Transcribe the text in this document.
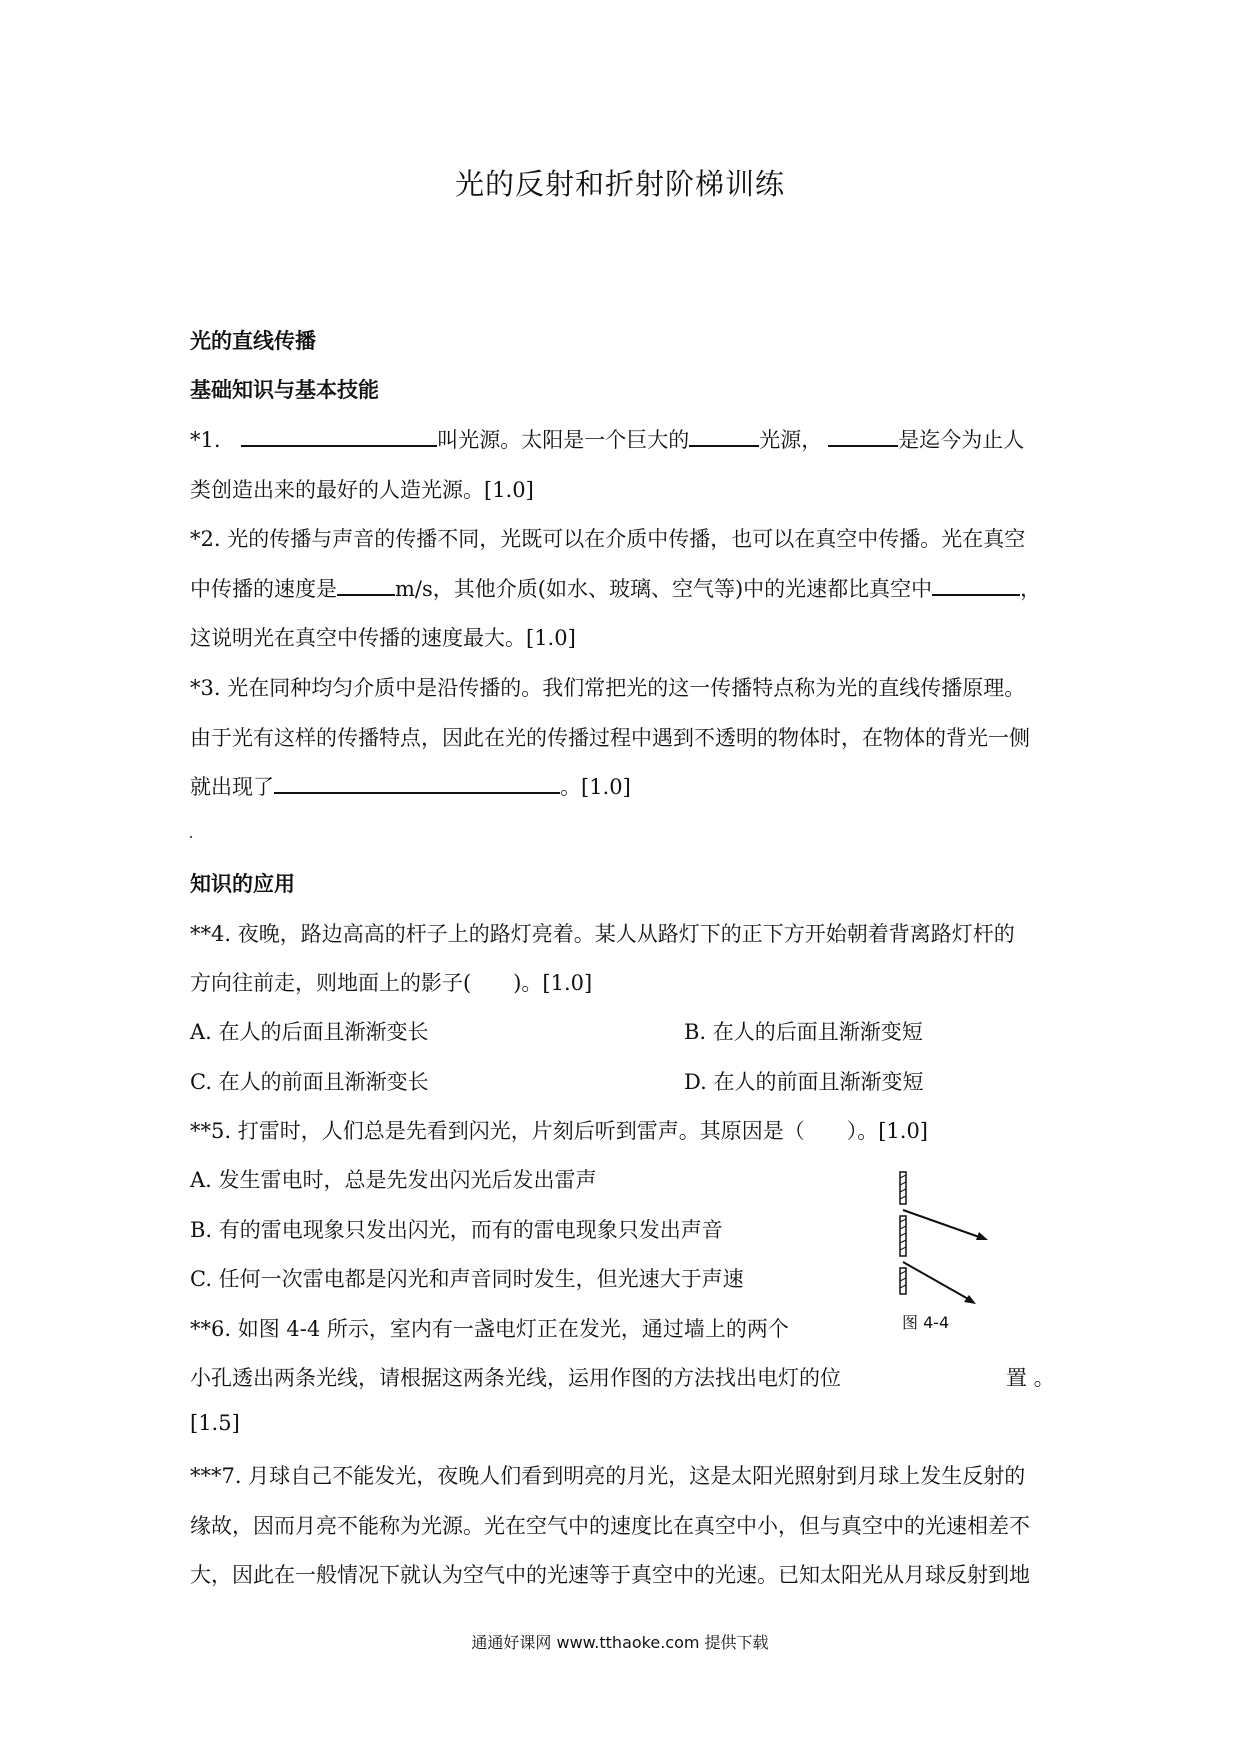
光的反射和折射阶梯训练
光的直线传播
基础知识与基本技能
*1.	叫光源。太阳是一个巨大的	光源，	是迄今为止人
类创造出来的最好的人造光源。[1.0]
*2. 光的传播与声音的传播不同，光既可以在介质中传播，也可以在真空中传播。光在真空
中传播的速度是	m/s，其他介质(如水、玻璃、空气等)中的光速都比真空中	，
这说明光在真空中传播的速度最大。[1.0]
*3. 光在同种均匀介质中是沿传播的。我们常把光的这一传播特点称为光的直线传播原理。
由于光有这样的传播特点，因此在光的传播过程中遇到不透明的物体时，在物体的背光一侧
就出现了	。[1.0]
知识的应用
**4. 夜晚，路边高高的杆子上的路灯亮着。某人从路灯下的正下方开始朝着背离路灯杆的
方向往前走，则地面上的影子(　　)。[1.0]
A. 在人的后面且渐渐变长	B. 在人的后面且渐渐变短
C. 在人的前面且渐渐变长	D. 在人的前面且渐渐变短
**5. 打雷时，人们总是先看到闪光，片刻后听到雷声。其原因是（　　）。[1.0]
A. 发生雷电时，总是先发出闪光后发出雷声
B. 有的雷电现象只发出闪光，而有的雷电现象只发出声音
C. 任何一次雷电都是闪光和声音同时发生，但光速大于声速
图 4-4
**6. 如图 4-4 所示，室内有一盏电灯正在发光，通过墙上的两个
小孔透出两条光线，请根据这两条光线，运用作图的方法找出电灯的位	置 。
[1.5]
***7. 月球自己不能发光，夜晚人们看到明亮的月光，这是太阳光照射到月球上发生反射的
缘故，因而月亮不能称为光源。光在空气中的速度比在真空中小，但与真空中的光速相差不
大，因此在一般情况下就认为空气中的光速等于真空中的光速。已知太阳光从月球反射到地
通通好课网 www.tthaoke.com 提供下载
